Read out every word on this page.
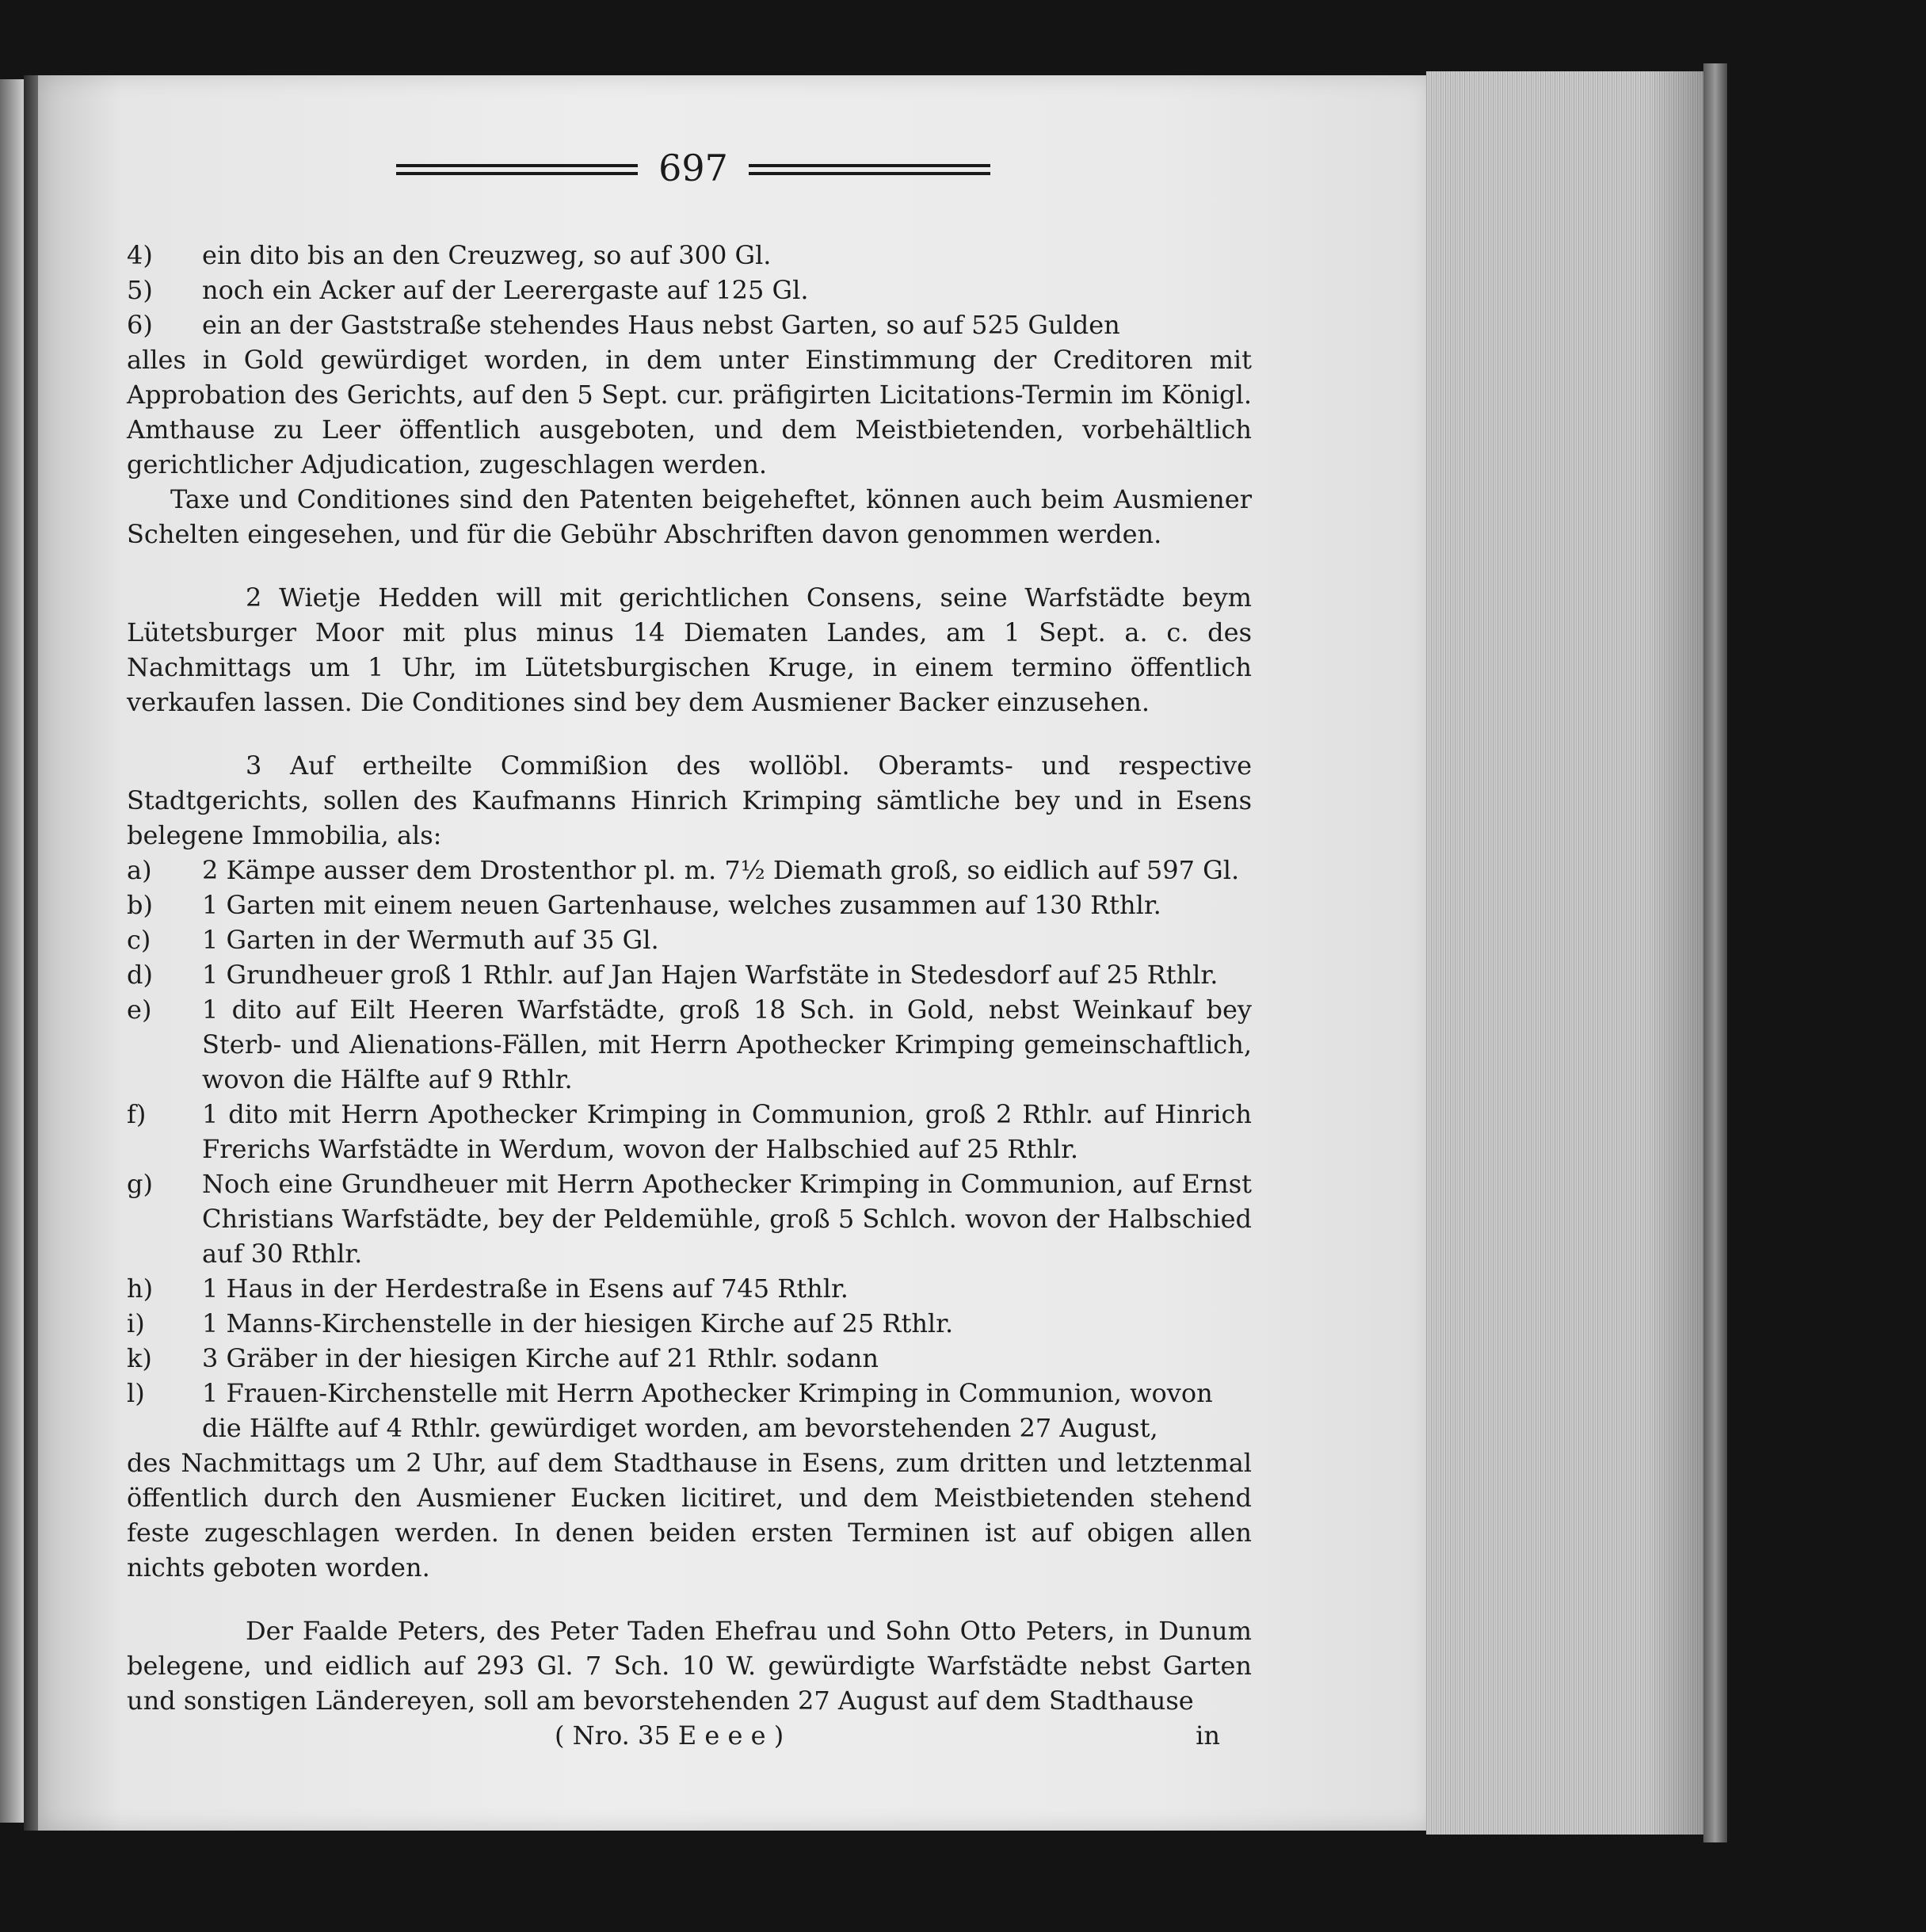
697

4) ein dito bis an den Creuzweg, so auf 300 Gl.

5) noch ein Acker auf der Leerergaste auf 125 Gl.

6) ein an der Gaststraße stehendes Haus nebst Garten, so auf 525 Gulden

alles in Gold gewürdiget worden, in dem unter Einstimmung der Creditoren mit Approbation des Gerichts, auf den 5 Sept. cur. präfigirten Licitations-Termin im Königl. Amthause zu Leer öffentlich ausgeboten, und dem Meistbietenden, vorbehältlich gerichtlicher Adjudication, zugeschlagen werden.

Taxe und Conditiones sind den Patenten beigeheftet, können auch beim Ausmiener Schelten eingesehen, und für die Gebühr Abschriften davon genommen werden.

2 Wietje Hedden will mit gerichtlichen Consens, seine Warfstädte beym Lütetsburger Moor mit plus minus 14 Diematen Landes, am 1 Sept. a. c. des Nachmittags um 1 Uhr, im Lütetsburgischen Kruge, in einem termino öffentlich verkaufen lassen. Die Conditiones sind bey dem Ausmiener Backer einzusehen.

3 Auf ertheilte Commißion des wollöbl. Oberamts- und respective Stadtgerichts, sollen des Kaufmanns Hinrich Krimping sämtliche bey und in Esens belegene Immobilia, als:

a) 2 Kämpe ausser dem Drostenthor pl. m. 7½ Diemath groß, so eidlich auf 597 Gl.

b) 1 Garten mit einem neuen Gartenhause, welches zusammen auf 130 Rthlr.

c) 1 Garten in der Wermuth auf 35 Gl.

d) 1 Grundheuer groß 1 Rthlr. auf Jan Hajen Warfstäte in Stedesdorf auf 25 Rthlr.

e) 1 dito auf Eilt Heeren Warfstädte, groß 18 Sch. in Gold, nebst Weinkauf bey Sterb- und Alienations-Fällen, mit Herrn Apothecker Krimping gemeinschaftlich, wovon die Hälfte auf 9 Rthlr.

f) 1 dito mit Herrn Apothecker Krimping in Communion, groß 2 Rthlr. auf Hinrich Frerichs Warfstädte in Werdum, wovon der Halbschied auf 25 Rthlr.

g) Noch eine Grundheuer mit Herrn Apothecker Krimping in Communion, auf Ernst Christians Warfstädte, bey der Peldemühle, groß 5 Schlch. wovon der Halbschied auf 30 Rthlr.

h) 1 Haus in der Herdestraße in Esens auf 745 Rthlr.

i) 1 Manns-Kirchenstelle in der hiesigen Kirche auf 25 Rthlr.

k) 3 Gräber in der hiesigen Kirche auf 21 Rthlr. sodann

l) 1 Frauen-Kirchenstelle mit Herrn Apothecker Krimping in Communion, wovon

die Hälfte auf 4 Rthlr. gewürdiget worden, am bevorstehenden 27 August,

des Nachmittags um 2 Uhr, auf dem Stadthause in Esens, zum dritten und letztenmal öffentlich durch den Ausmiener Eucken licitiret, und dem Meistbietenden stehend feste zugeschlagen werden. In denen beiden ersten Terminen ist auf obigen allen nichts geboten worden.

Der Faalde Peters, des Peter Taden Ehefrau und Sohn Otto Peters, in Dunum belegene, und eidlich auf 293 Gl. 7 Sch. 10 W. gewürdigte Warfstädte nebst Garten und sonstigen Ländereyen, soll am bevorstehenden 27 August auf dem Stadthause

( Nro. 35 E e e e )	in
